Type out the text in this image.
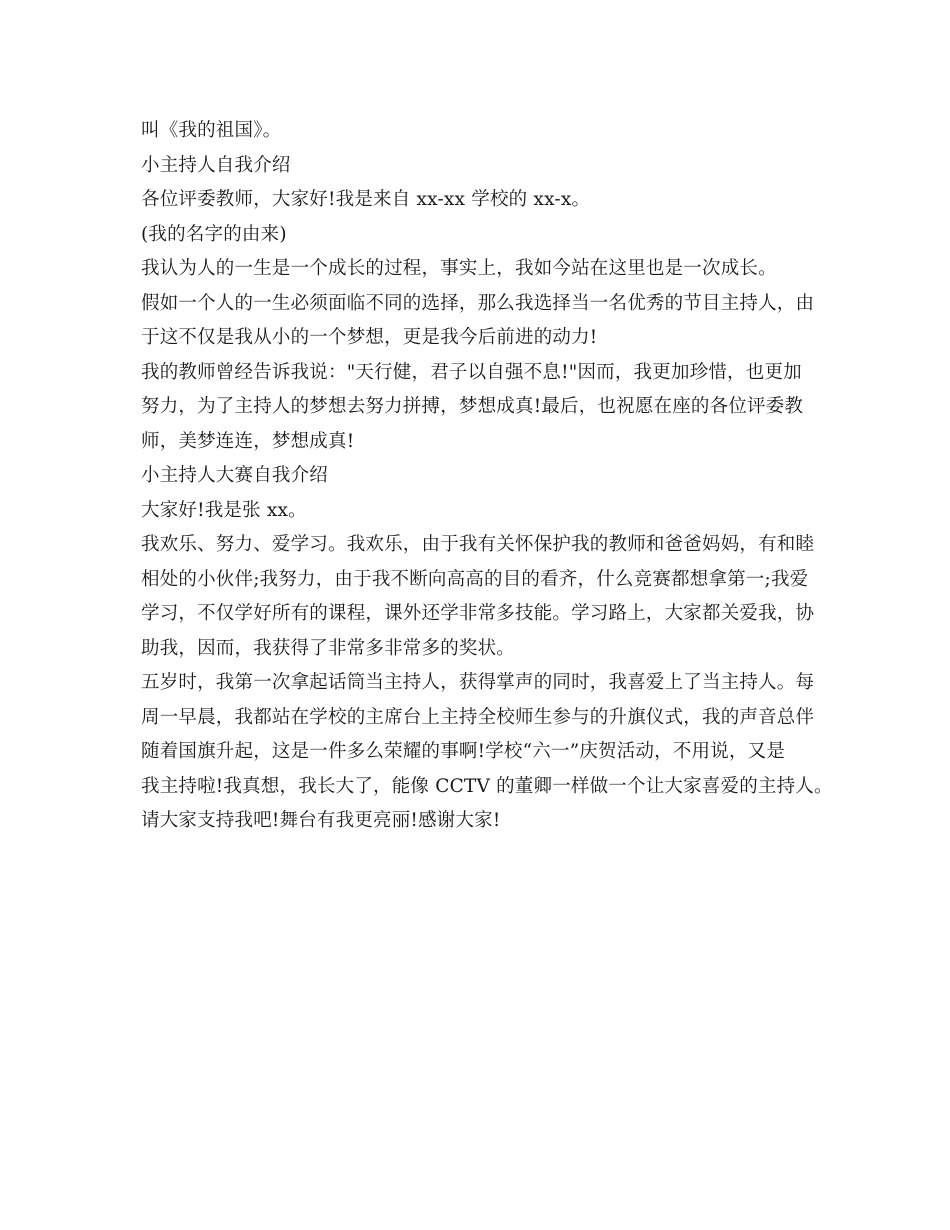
叫《我的祖国》。
小主持人自我介绍
各位评委教师，大家好!我是来自 xx-xx 学校的 xx-x。
(我的名字的由来)
我认为人的一生是一个成长的过程，事实上，我如今站在这里也是一次成长。
假如一个人的一生必须面临不同的选择，那么我选择当一名优秀的节目主持人，由
于这不仅是我从小的一个梦想，更是我今后前进的动力!
我的教师曾经告诉我说："天行健，君子以自强不息!"因而，我更加珍惜，也更加
努力，为了主持人的梦想去努力拼搏，梦想成真!最后，也祝愿在座的各位评委教
师，美梦连连，梦想成真!
小主持人大赛自我介绍
大家好!我是张 xx。
我欢乐、努力、爱学习。我欢乐，由于我有关怀保护我的教师和爸爸妈妈，有和睦
相处的小伙伴;我努力，由于我不断向高高的目的看齐，什么竞赛都想拿第一;我爱
学习，不仅学好所有的课程，课外还学非常多技能。学习路上，大家都关爱我，协
助我，因而，我获得了非常多非常多的奖状。
五岁时，我第一次拿起话筒当主持人，获得掌声的同时，我喜爱上了当主持人。每
周一早晨，我都站在学校的主席台上主持全校师生参与的升旗仪式，我的声音总伴
随着国旗升起，这是一件多么荣耀的事啊!学校“六一”庆贺活动，不用说，又是
我主持啦!我真想，我长大了，能像 CCTV 的董卿一样做一个让大家喜爱的主持人。
请大家支持我吧!舞台有我更亮丽!感谢大家!
